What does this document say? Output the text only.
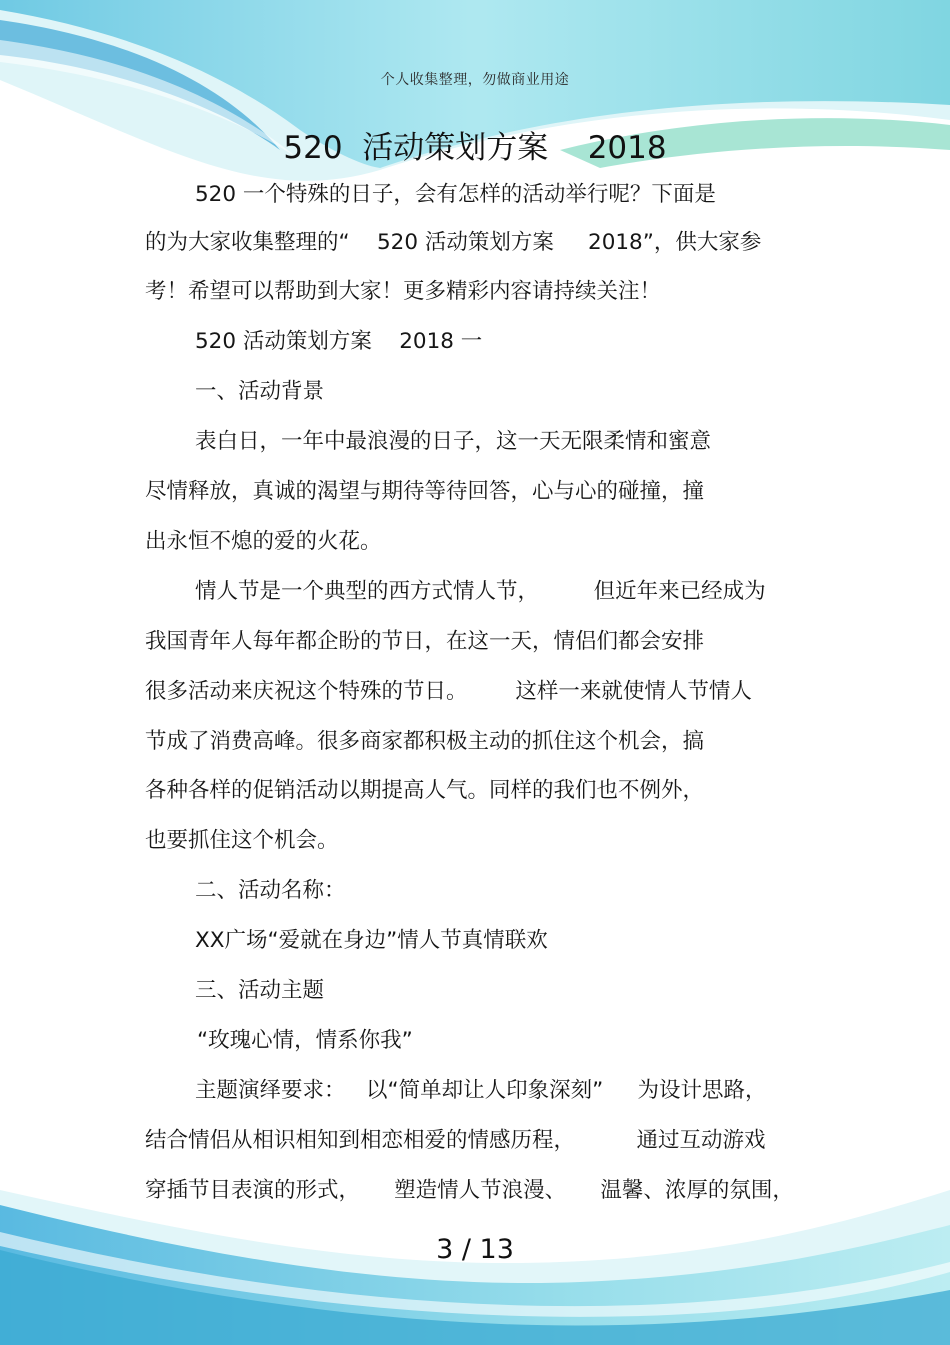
个人收集整理，勿做商业用途
520  活动策划方案    2018
520 一个特殊的日子，会有怎样的活动举行呢？下面是
的为大家收集整理的“    520 活动策划方案     2018”，供大家参
考！希望可以帮助到大家！更多精彩内容请持续关注！
520 活动策划方案    2018 一
一、活动背景
表白日，一年中最浪漫的日子，这一天无限柔情和蜜意
尽情释放，真诚的渴望与期待等待回答，心与心的碰撞，撞
出永恒不熄的爱的火花。
情人节是一个典型的西方式情人节，        但近年来已经成为
我国青年人每年都企盼的节日，在这一天，情侣们都会安排
很多活动来庆祝这个特殊的节日。       这样一来就使情人节情人
节成了消费高峰。很多商家都积极主动的抓住这个机会，搞
各种各样的促销活动以期提高人气。同样的我们也不例外，
也要抓住这个机会。
二、活动名称：
XX广场“爱就在身边”情人节真情联欢
三、活动主题
“玫瑰心情，情系你我”
主题演绎要求：   以“简单却让人印象深刻”     为设计思路，
结合情侣从相识相知到相恋相爱的情感历程，         通过互动游戏
穿插节目表演的形式，     塑造情人节浪漫、     温馨、浓厚的氛围，
3 / 13
